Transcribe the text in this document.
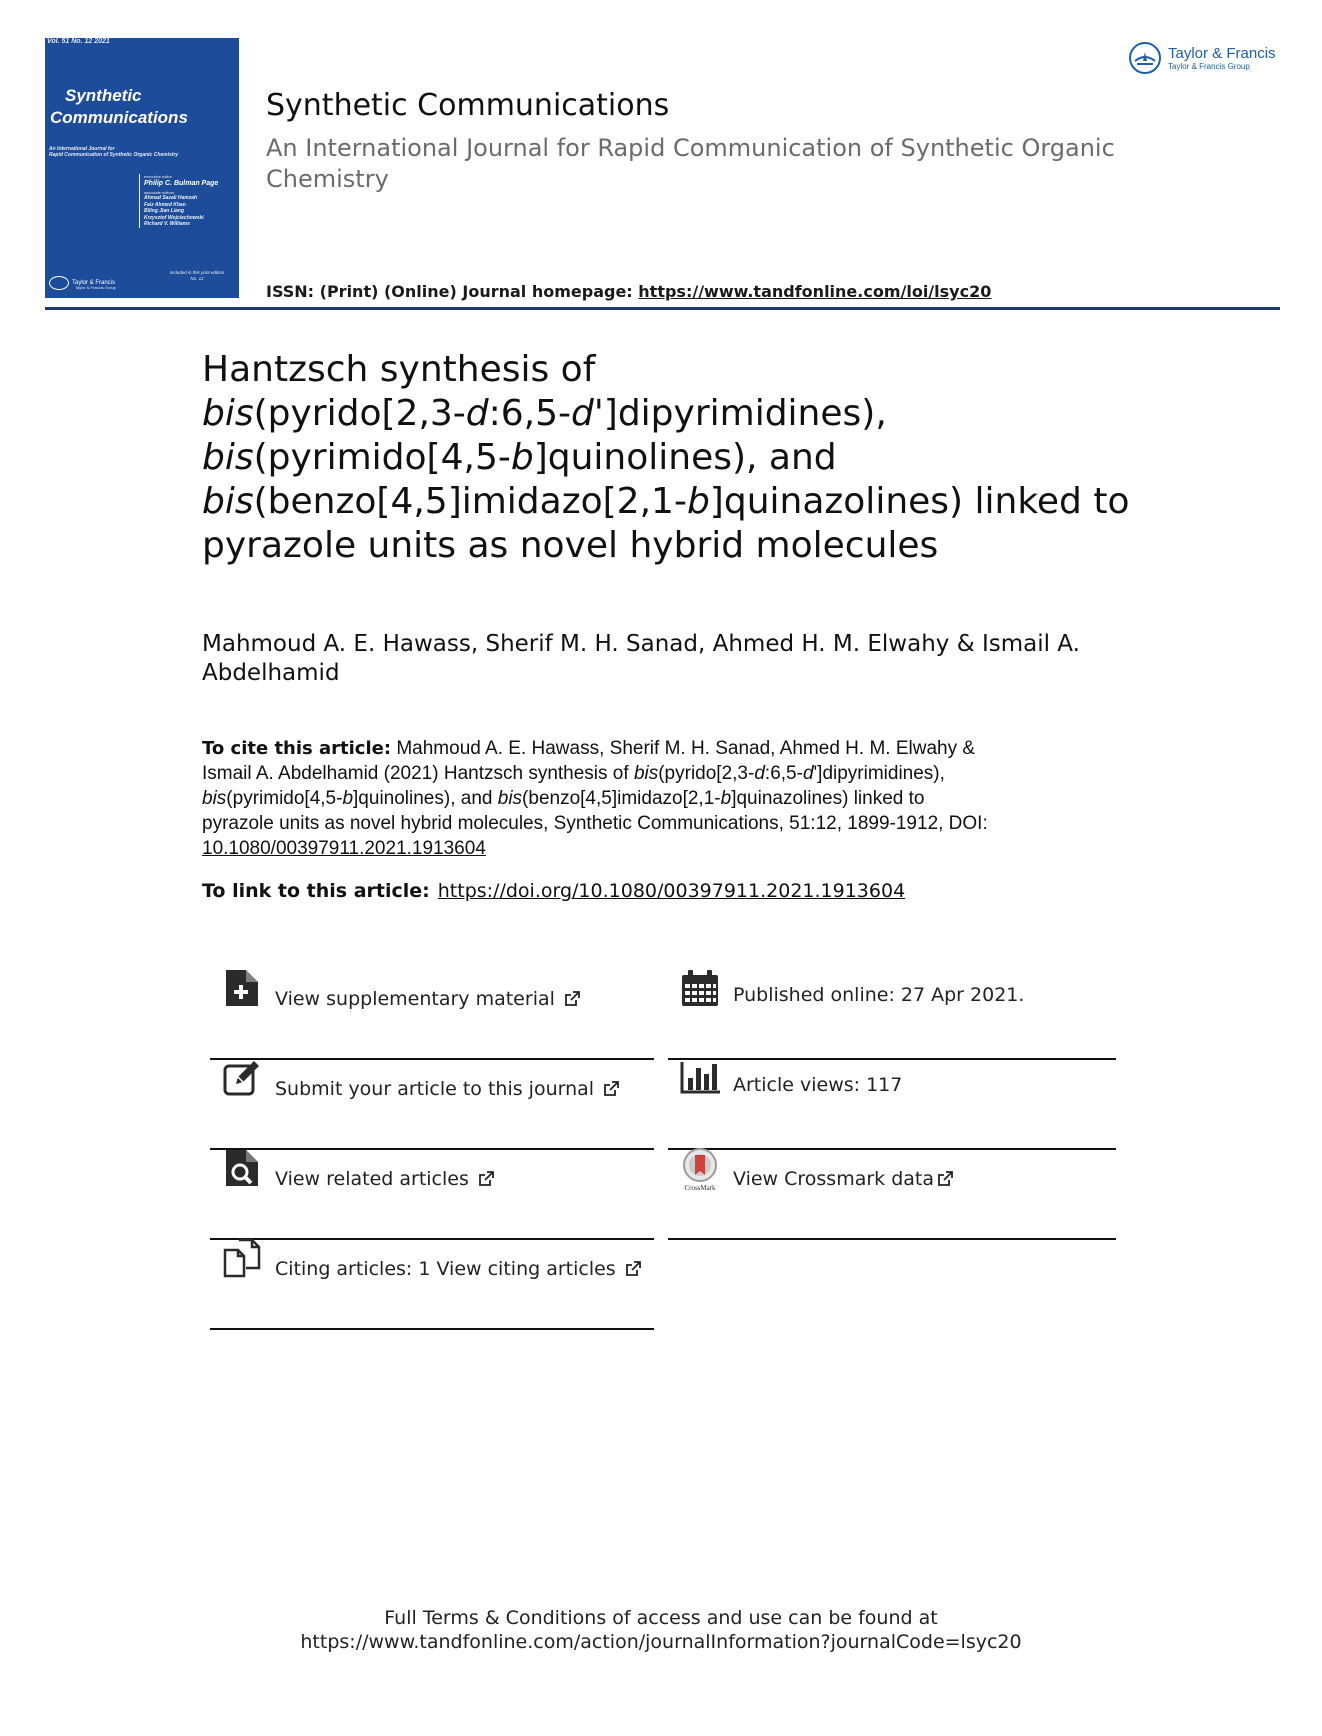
Vol. 51 No. 12 2021
Synthetic
Communications
An International Journal for
Rapid Communication of Synthetic Organic Chemistry
executive editor
Philip C. Bulman Page
associate editors
Ahmad Sazali Hamzah
Faiz Ahmed Khan
Biling Jian Liang
Krzysztof Wojciechowski
Richard V. Williams
Included in this print edition
No. 12
Taylor & Francis
Taylor & Francis Group
Synthetic Communications
An International Journal for Rapid Communication of Synthetic Organic Chemistry
ISSN: (Print) (Online) Journal homepage: https://www.tandfonline.com/loi/lsyc20
Taylor & Francis
Taylor & Francis Group
Hantzsch synthesis of
bis(pyrido[2,3-d:6,5-d']dipyrimidines),
bis(pyrimido[4,5-b]quinolines), and
bis(benzo[4,5]imidazo[2,1-b]quinazolines) linked to
pyrazole units as novel hybrid molecules
Mahmoud A. E. Hawass, Sherif M. H. Sanad, Ahmed H. M. Elwahy & Ismail A. Abdelhamid
To cite this article: Mahmoud A. E. Hawass, Sherif M. H. Sanad, Ahmed H. M. Elwahy &
Ismail A. Abdelhamid (2021) Hantzsch synthesis of bis(pyrido[2,3-d:6,5-d']dipyrimidines),
bis(pyrimido[4,5-b]quinolines), and bis(benzo[4,5]imidazo[2,1-b]quinazolines) linked to
pyrazole units as novel hybrid molecules, Synthetic Communications, 51:12, 1899-1912, DOI:
10.1080/00397911.2021.1913604
To link to this article: https://doi.org/10.1080/00397911.2021.1913604
View supplementary material
Submit your article to this journal
View related articles
Citing articles: 1 View citing articles
Published online: 27 Apr 2021.
Article views: 117
CrossMark View Crossmark data
Full Terms & Conditions of access and use can be found at
https://www.tandfonline.com/action/journalInformation?journalCode=lsyc20
